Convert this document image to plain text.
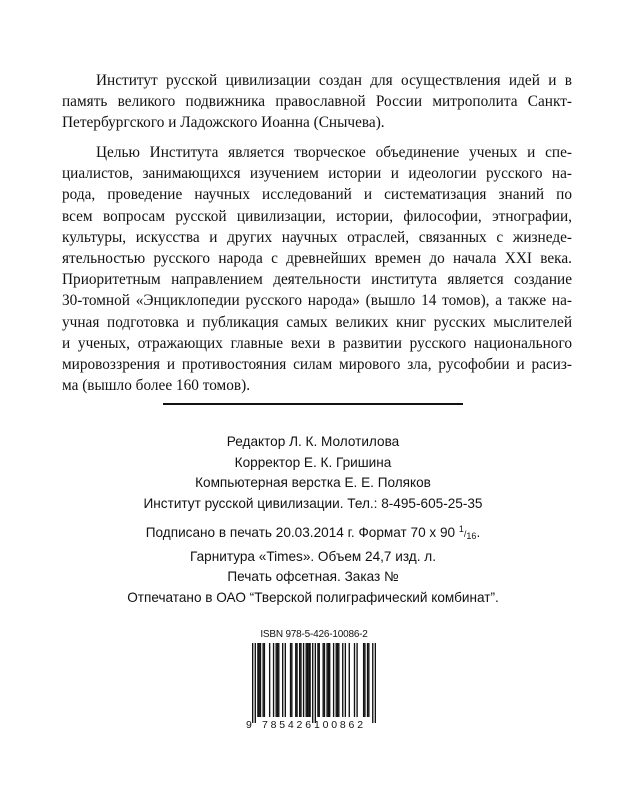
Институт русской цивилизации создан для осуществления идей и в
память великого подвижника православной России митрополита Санкт-
Петербургского и Ладожского Иоанна (Снычева).

Целью Института является творческое объединение ученых и спе-
циалистов, занимающихся изучением истории и идеологии русского на-
рода, проведение научных исследований и систематизация знаний по
всем вопросам русской цивилизации, истории, философии, этнографии,
культуры, искусства и других научных отраслей, связанных с жизнеде-
ятельностью русского народа с древнейших времен до начала XXI века.
Приоритетным направлением деятельности института является создание
30-томной «Энциклопедии русского народа» (вышло 14 томов), а также на-
учная подготовка и публикация самых великих книг русских мыслителей
и ученых, отражающих главные вехи в развитии русского национального
мировоззрения и противостояния силам мирового зла, русофобии и расиз-
ма (вышло более 160 томов).

Редактор Л. К. Молотилова
Корректор Е. К. Гришина
Компьютерная верстка Е. Е. Поляков
Институт русской цивилизации. Тел.: 8-495-605-25-35
Подписано в печать 20.03.2014 г. Формат 70 х 90 $^1/_{16}$.
Гарнитура «Times». Объем 24,7 изд. л.
Печать офсетная. Заказ №
Отпечатано в ОАО “Тверской полиграфический комбинат”.
ISBN 978-5-426-10086-2
9 785426 100862
